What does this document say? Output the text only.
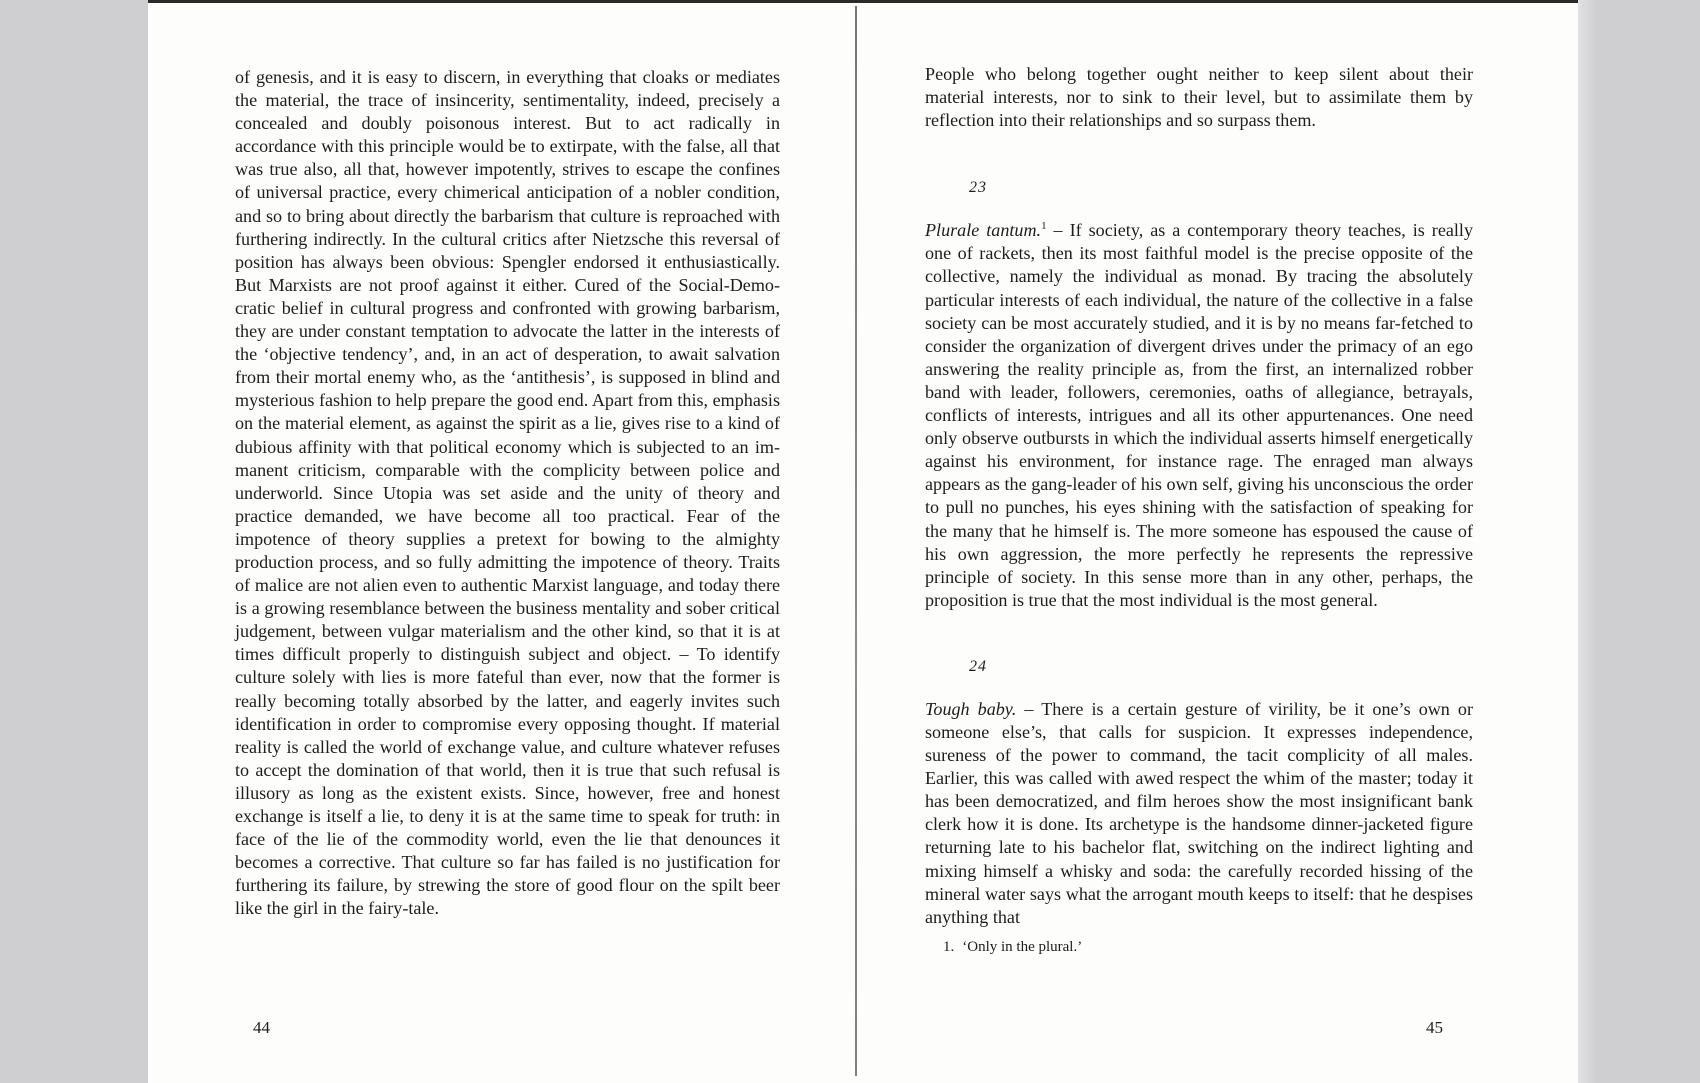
of genesis, and it is easy to discern, in everything that cloaks or mediates the material, the trace of insincerity, sentimentality, indeed, precisely a concealed and doubly poisonous interest. But to act radically in accordance with this principle would be to extirpate, with the false, all that was true also, all that, however impotently, strives to escape the confines of universal practice, every chimerical anticipation of a nobler condition, and so to bring about directly the barbarism that culture is reproached with furthering indirectly. In the cultural critics after Nietzsche this reversal of position has always been obvious: Spengler endorsed it enthusiastically. But Marxists are not proof against it either. Cured of the Social-Democratic belief in cultural progress and confronted with growing barbarism, they are under constant temptation to advocate the latter in the interests of the ‘objective tendency’, and, in an act of desperation, to await salvation from their mortal enemy who, as the ‘antithesis’, is supposed in blind and mysterious fashion to help prepare the good end. Apart from this, emphasis on the material element, as against the spirit as a lie, gives rise to a kind of dubious affinity with that political economy which is subjected to an immanent criticism, comparable with the complicity between police and underworld. Since Utopia was set aside and the unity of theory and practice demanded, we have become all too practical. Fear of the impotence of theory supplies a pretext for bowing to the almighty production process, and so fully admitting the impotence of theory. Traits of malice are not alien even to authentic Marxist language, and today there is a growing resemblance between the business mentality and sober critical judgement, between vulgar materialism and the other kind, so that it is at times difficult properly to distinguish subject and object. – To identify culture solely with lies is more fateful than ever, now that the former is really becoming totally absorbed by the latter, and eagerly invites such identification in order to compromise every opposing thought. If material reality is called the world of exchange value, and culture whatever refuses to accept the domination of that world, then it is true that such refusal is illusory as long as the existent exists. Since, however, free and honest exchange is itself a lie, to deny it is at the same time to speak for truth: in face of the lie of the commodity world, even the lie that denounces it becomes a corrective. That culture so far has failed is no justification for furthering its failure, by strewing the store of good flour on the spilt beer like the girl in the fairy-tale.

44

People who belong together ought neither to keep silent about their material interests, nor to sink to their level, but to assimilate them by reflection into their relationships and so surpass them.

23

Plurale tantum.$^1$ – If society, as a contemporary theory teaches, is really one of rackets, then its most faithful model is the precise opposite of the collective, namely the individual as monad. By tracing the absolutely particular interests of each individual, the nature of the collective in a false society can be most accurately studied, and it is by no means far-fetched to consider the organization of divergent drives under the primacy of an ego answering the reality principle as, from the first, an internalized robber band with leader, followers, ceremonies, oaths of allegiance, betrayals, conflicts of interests, intrigues and all its other appurtenances. One need only observe outbursts in which the individual asserts himself energetically against his environment, for instance rage. The enraged man always appears as the gang-leader of his own self, giving his unconscious the order to pull no punches, his eyes shining with the satisfaction of speaking for the many that he himself is. The more someone has espoused the cause of his own aggression, the more perfectly he represents the repressive principle of society. In this sense more than in any other, perhaps, the proposition is true that the most individual is the most general.

24

Tough baby. – There is a certain gesture of virility, be it one’s own or someone else’s, that calls for suspicion. It expresses independence, sureness of the power to command, the tacit complicity of all males. Earlier, this was called with awed respect the whim of the master; today it has been democratized, and film heroes show the most insignificant bank clerk how it is done. Its archetype is the handsome dinner-jacketed figure returning late to his bachelor flat, switching on the indirect lighting and mixing himself a whisky and soda: the carefully recorded hissing of the mineral water says what the arrogant mouth keeps to itself: that he despises anything that

1. ‘Only in the plural.’

45
